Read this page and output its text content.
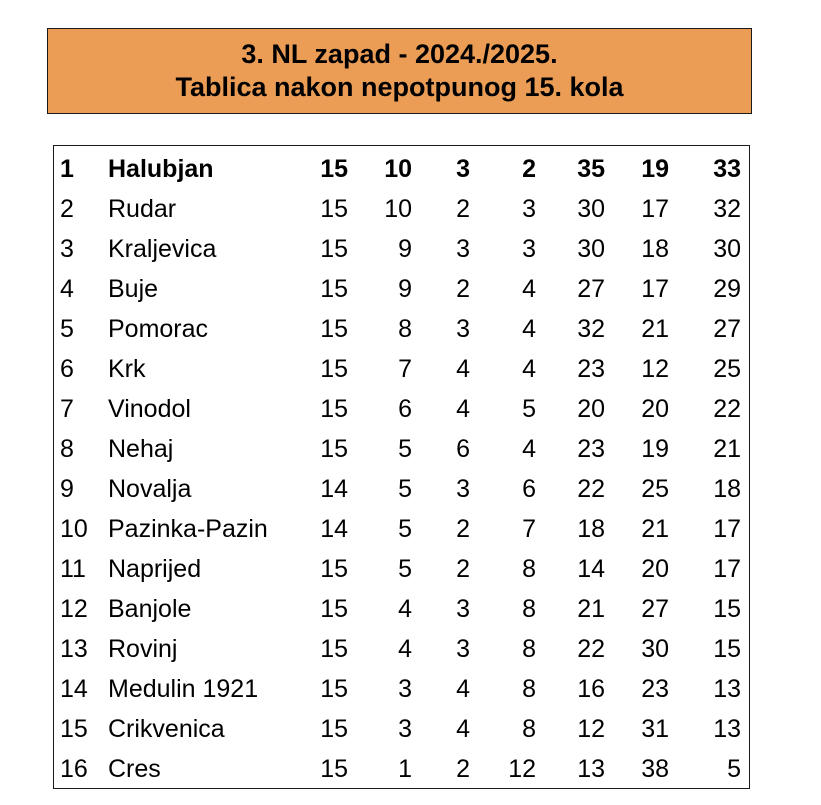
3. NL zapad - 2024./2025.
Tablica nakon nepotpunog 15. kola
1 Halubjan	15 10 3 2 35 19 33
2 Rudar	15 10 2 3 30 17 32
3 Kraljevica	15 9 3 3 30 18 30
4 Buje	15 9 2 4 27 17 29
5 Pomorac	15 8 3 4 32 21 27
6 Krk	15 7 4 4 23 12 25
7 Vinodol	15 6 4 5 20 20 22
8 Nehaj	15 5 6 4 23 19 21
9 Novalja	14 5 3 6 22 25 18
10 Pazinka-Pazin 14 5 2 7 18 21 17
11 Naprijed	15 5 2 8 14 20 17
12 Banjole	15 4 3 8 21 27 15
13 Rovinj	15 4 3 8 22 30 15
14 Medulin 1921 15 3 4 8 16 23 13
15 Crikvenica	15 3 4 8 12 31 13
16 Cres	15 1 2 12 13 38 5
